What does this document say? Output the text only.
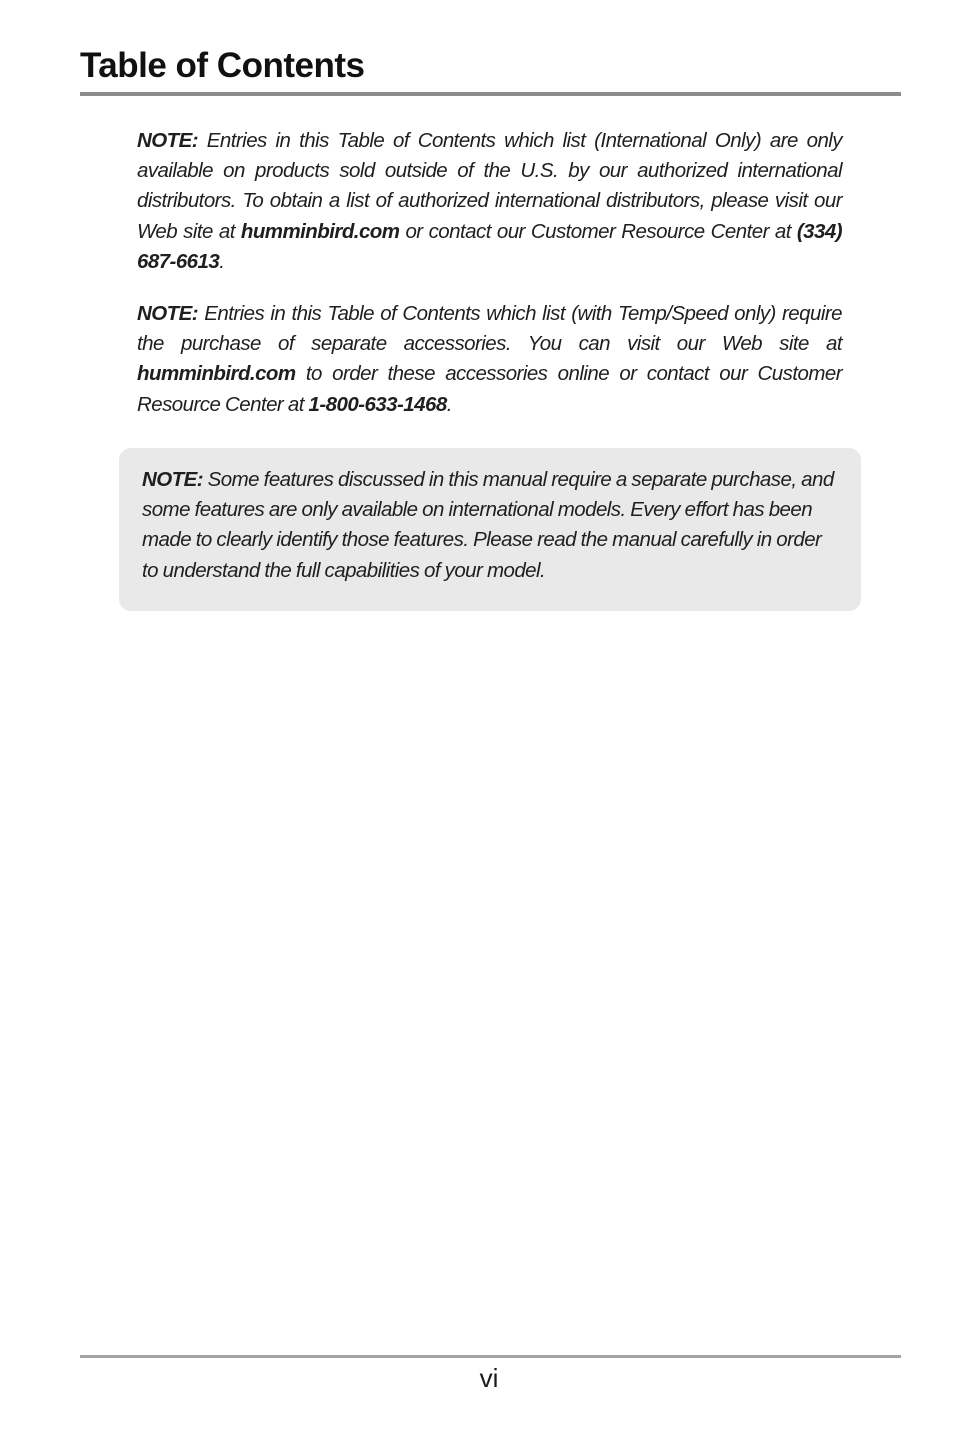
Table of Contents

NOTE: Entries in this Table of Contents which list (International Only) are only available on products sold outside of the U.S. by our authorized international distributors. To obtain a list of authorized international distributors, please visit our Web site at humminbird.com or contact our Customer Resource Center at (334) 687-6613.

NOTE: Entries in this Table of Contents which list (with Temp/Speed only) require the purchase of separate accessories. You can visit our Web site at humminbird.com to order these accessories online or contact our Customer Resource Center at 1-800-633-1468.

NOTE: Some features discussed in this manual require a separate purchase, and some features are only available on international models. Every effort has been made to clearly identify those features. Please read the manual carefully in order to understand the full capabilities of your model.

vi
